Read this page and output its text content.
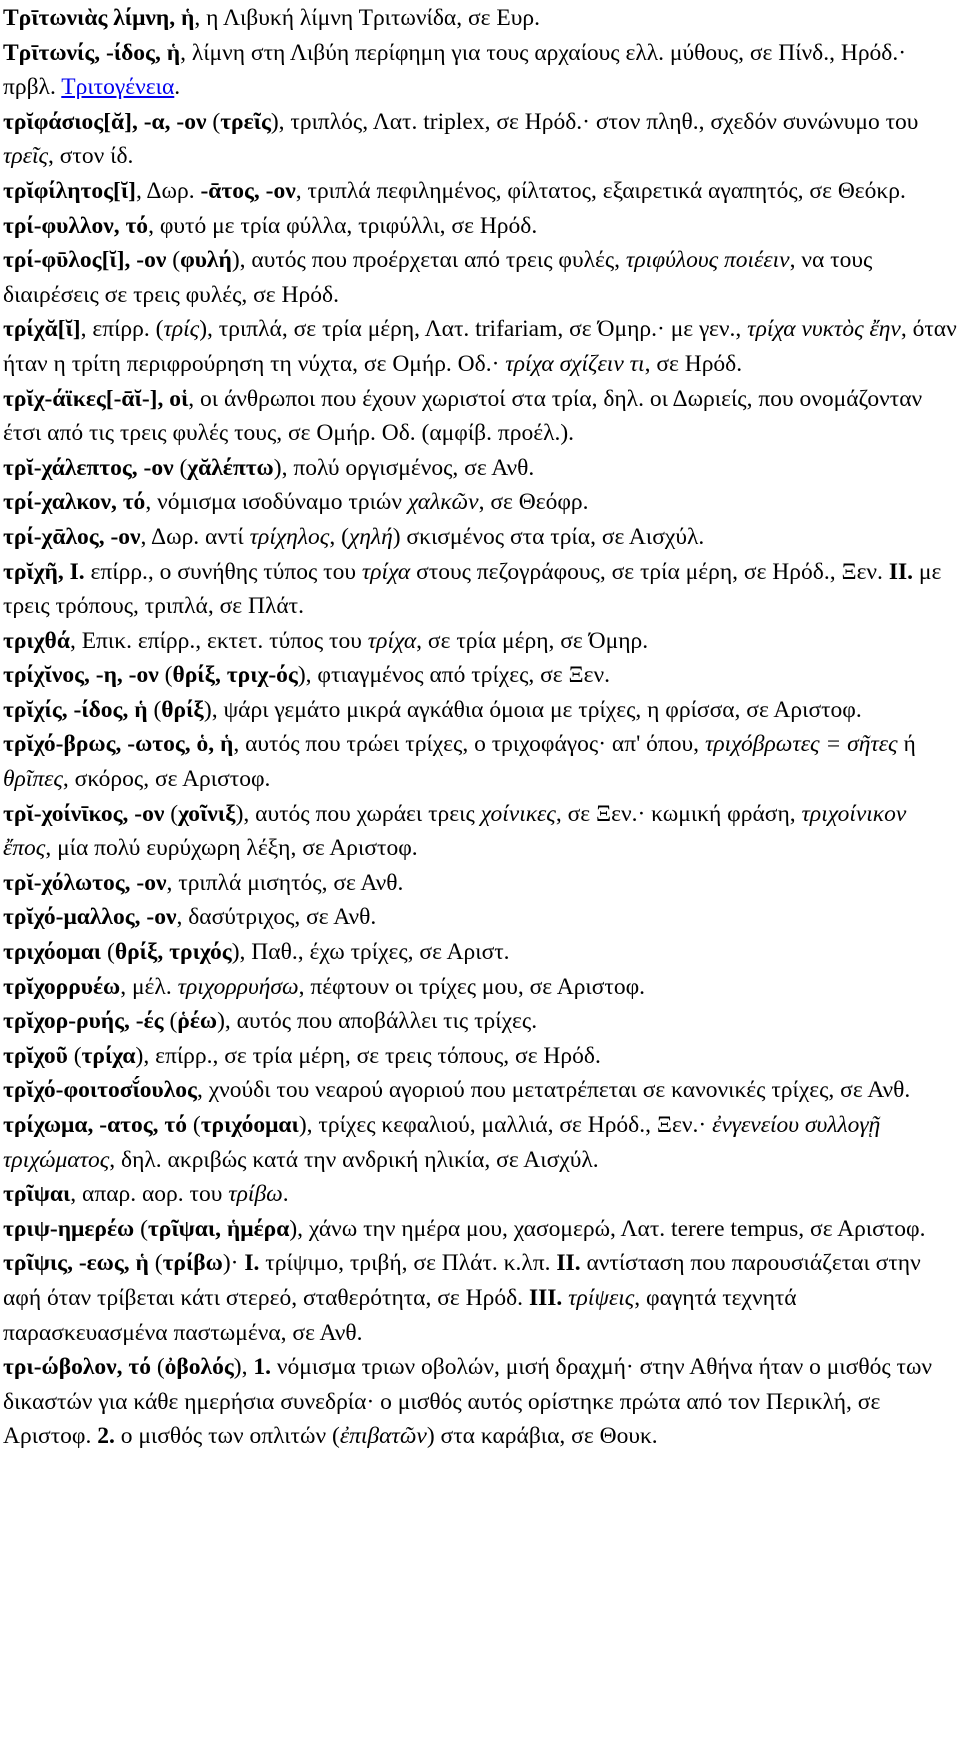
Τρῑτωνιὰς λίμνη, ἡ, η Λιβυκή λίμνη Τριτωνίδα, σε Ευρ.

Τρῑτωνίς, -ίδος, ἡ, λίμνη στη Λιβύη περίφημη για τους αρχαίους ελλ. μύθους, σε Πίνδ., Ηρόδ.· πρβλ. Τριτογένεια.

τρῐφάσιος[ᾰ], -α, -ον (τρεῖς), τριπλός, Λατ. triplex, σε Ηρόδ.· στον πληθ., σχεδόν συνώνυμο του τρεῖς, στον ίδ.

τρῐφίλητος[ῐ], Δωρ. -ᾱτος, -ον, τριπλά πεφιλημένος, φίλτατος, εξαιρετικά αγαπητός, σε Θεόκρ.

τρί-φυλλον, τό, φυτό με τρία φύλλα, τριφύλλι, σε Ηρόδ.

τρί-φῡλος[ῐ], -ον (φυλή), αυτός που προέρχεται από τρεις φυλές, τριφύλους ποιέειν, να τους διαιρέσεις σε τρεις φυλές, σε Ηρόδ.

τρίχᾰ[ῐ], επίρρ. (τρίς), τριπλά, σε τρία μέρη, Λατ. trifariam, σε Όμηρ.· με γεν., τρίχα νυκτὸς ἔην, όταν ήταν η τρίτη περιφρούρηση τη νύχτα, σε Ομήρ. Οδ.· τρίχα σχίζειν τι, σε Ηρόδ.

τρῐχ-άϊκες[-ᾱῐ-], οἱ, οι άνθρωποι που έχουν χωριστοί στα τρία, δηλ. οι Δωριείς, που ονομάζονταν έτσι από τις τρεις φυλές τους, σε Ομήρ. Οδ. (αμφίβ. προέλ.).

τρῐ-χάλεπτος, -ον (χᾰλέπτω), πολύ οργισμένος, σε Ανθ.

τρί-χαλκον, τό, νόμισμα ισοδύναμο τριών χαλκῶν, σε Θεόφρ.

τρί-χᾱλος, -ον, Δωρ. αντί τρίχηλος, (χηλή) σκισμένος στα τρία, σε Αισχύλ.

τρῐχῆ, I. επίρρ., ο συνήθης τύπος του τρίχα στους πεζογράφους, σε τρία μέρη, σε Ηρόδ., Ξεν. II. με τρεις τρόπους, τριπλά, σε Πλάτ.

τριχθά, Επικ. επίρρ., εκτετ. τύπος του τρίχα, σε τρία μέρη, σε Όμηρ.

τρίχῐνος, -η, -ον (θρίξ, τριχ-ός), φτιαγμένος από τρίχες, σε Ξεν.

τρῐχίς, -ίδος, ἡ (θρίξ), ψάρι γεμάτο μικρά αγκάθια όμοια με τρίχες, η φρίσσα, σε Αριστοφ.

τρῐχό-βρως, -ωτος, ὁ, ἡ, αυτός που τρώει τρίχες, ο τριχοφάγος· απ' όπου, τριχόβρωτες = σῆτες ή θρῖπες, σκόρος, σε Αριστοφ.

τρῐ-χοίνῑκος, -ον (χοῖνιξ), αυτός που χωράει τρεις χοίνικες, σε Ξεν.· κωμική φράση, τριχοίνικον ἔπος, μία πολύ ευρύχωρη λέξη, σε Αριστοφ.

τρῐ-χόλωτος, -ον, τριπλά μισητός, σε Ανθ.

τρῐχό-μαλλος, -ον, δασύτριχος, σε Ανθ.

τριχόομαι (θρίξ, τριχός), Παθ., έχω τρίχες, σε Αριστ.

τρῐχορρυέω, μέλ. τριχορρυήσω, πέφτουν οι τρίχες μου, σε Αριστοφ.

τρῐχορ-ρυής, -ές (ῥέω), αυτός που αποβάλλει τις τρίχες.

τρῐχοῦ (τρίχα), επίρρ., σε τρία μέρη, σε τρεις τόπους, σε Ηρόδ.

τρῐχό-φοιτοσῐ́ουλος, χνούδι του νεαρού αγοριού που μετατρέπεται σε κανονικές τρίχες, σε Ανθ.

τρίχωμα, -ατος, τό (τριχόομαι), τρίχες κεφαλιού, μαλλιά, σε Ηρόδ., Ξεν.· ἐνγενείου συλλογῇ τριχώματος, δηλ. ακριβώς κατά την ανδρική ηλικία, σε Αισχύλ.

τρῖψαι, απαρ. αορ. του τρίβω.

τριψ-ημερέω (τρῖψαι, ἡμέρα), χάνω την ημέρα μου, χασομερώ, Λατ. terere tempus, σε Αριστοφ.

τρῖψις, -εως, ἡ (τρίβω)· I. τρίψιμο, τριβή, σε Πλάτ. κ.λπ. II. αντίσταση που παρουσιάζεται στην αφή όταν τρίβεται κάτι στερεό, σταθερότητα, σε Ηρόδ. III. τρίψεις, φαγητά τεχνητά παρασκευασμένα παστωμένα, σε Ανθ.

τρι-ώβολον, τό (ὀβολός), 1. νόμισμα τριων οβολών, μισή δραχμή· στην Αθήνα ήταν ο μισθός των δικαστών για κάθε ημερήσια συνεδρία· ο μισθός αυτός ορίστηκε πρώτα από τον Περικλή, σε Αριστοφ. 2. ο μισθός των οπλιτών (ἐπιβατῶν) στα καράβια, σε Θουκ.
